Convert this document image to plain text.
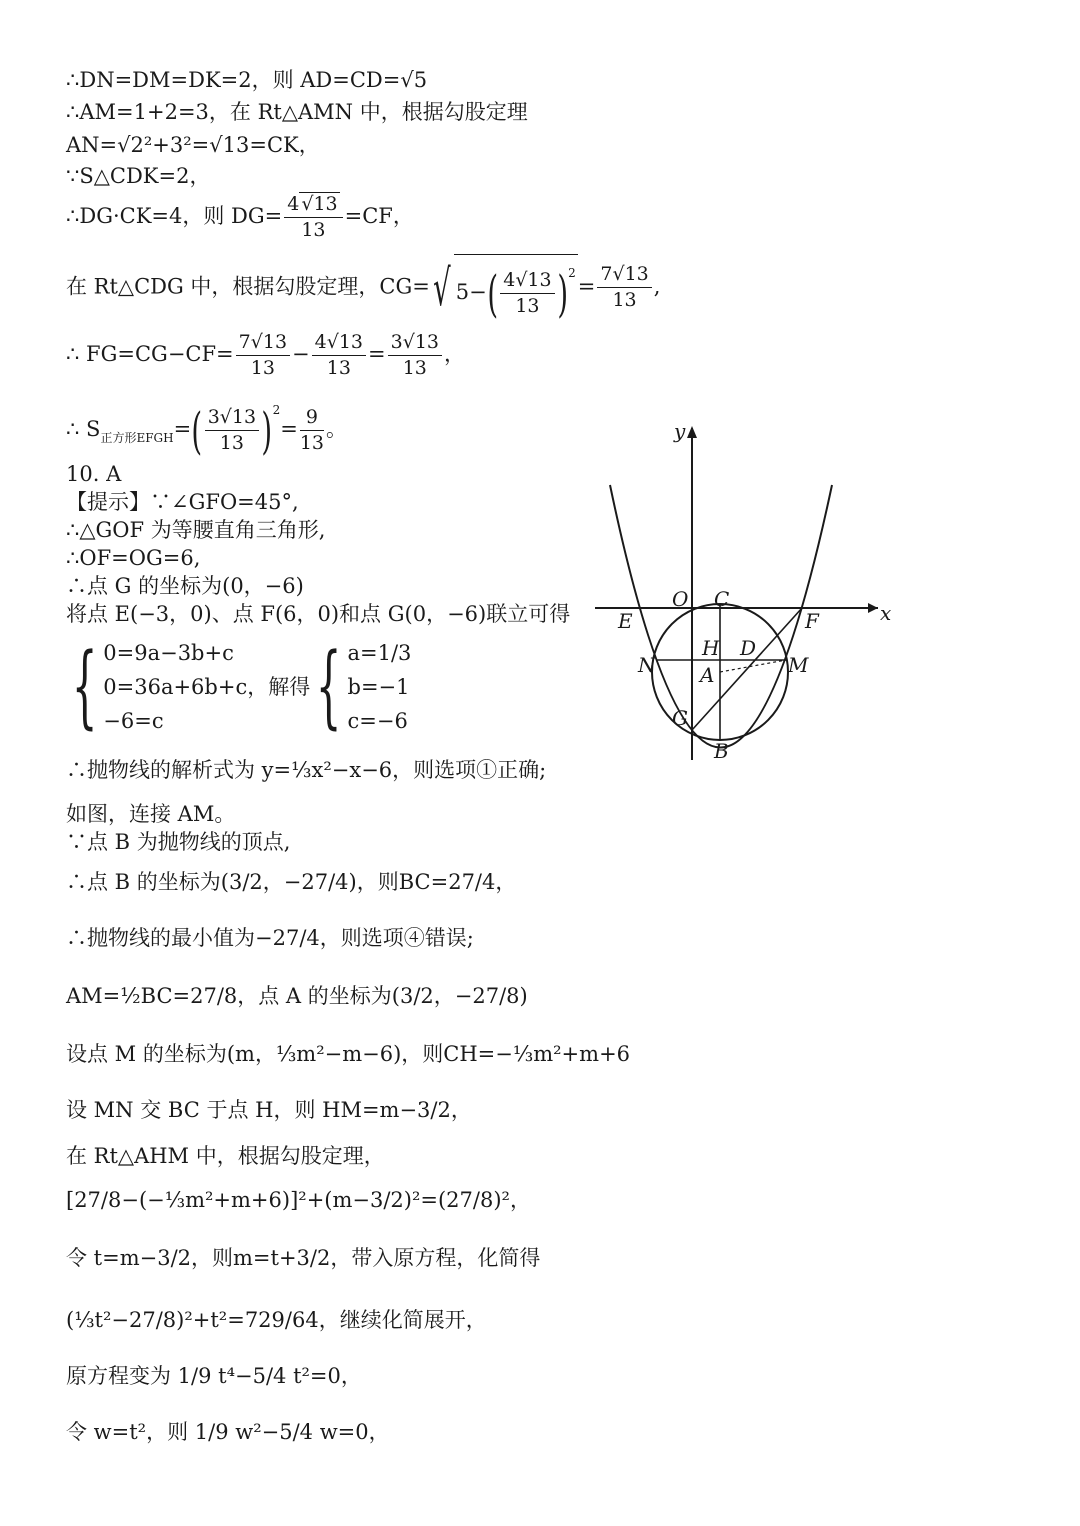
∴DN=DM=DK=2，则 AD=CD=√5
∴AM=1+2=3，在 Rt△AMN 中，根据勾股定理
AN=√2²+3²=√13=CK，
∵S△CDK=2，
∴DG·CK=4，则 $DG= \frac{4 √13}{13} =CF$，
在 Rt△CDG 中，根据勾股定理，CG=√ $5-( \frac{4√13}{13} )^2= \frac{7√13}{13}$ ,
∴ $FG=CG-CF= \frac{7√13}{13} - \frac{4√13}{13} = \frac{3√13}{13}$ ，
∴ $S_{正方形EFGH}=( \frac{3√13}{13} )^2= \frac{9}{13}$ 。
10. A
【提示】∵∠GFO=45°,
∴△GOF 为等腰直角三角形,
∴OF=OG=6,
∴点 G 的坐标为(0，−6)
将点 E(−3，0)、点 F(6，0)和点 G(0，−6)联立可得
{ 0=9a−3b+c
0=36a+6b+c
−6=c
，解得{ a=1/3
b=−1
c=−6
∴抛物线的解析式为 y=⅓x²−x−6，则选项①正确;
如图，连接 AM。
∵点 B 为抛物线的顶点,
∴点 B 的坐标为(3/2，−27/4)，则BC=27/4，
∴抛物线的最小值为−27/4，则选项④错误;
AM=½BC=27/8，点 A 的坐标为(3/2，−27/8)
设点 M 的坐标为(m，⅓m²−m−6)，则CH=−⅓m²+m+6
设 MN 交 BC 于点 H，则 HM=m−3/2，
在 Rt△AHM 中，根据勾股定理，
[27/8−(−⅓m²+m+6)]²+(m−3/2)²=(27/8)²，
令 t=m−3/2，则m=t+3/2，带入原方程，化简得
(⅓t²−27/8)²+t²=729/64，继续化简展开，
原方程变为 1/9 t⁴−5/4 t²=0，
令 w=t²，则 1/9 w²−5/4 w=0，
y
x
O C
E	F
H D
N A	M
G
B
